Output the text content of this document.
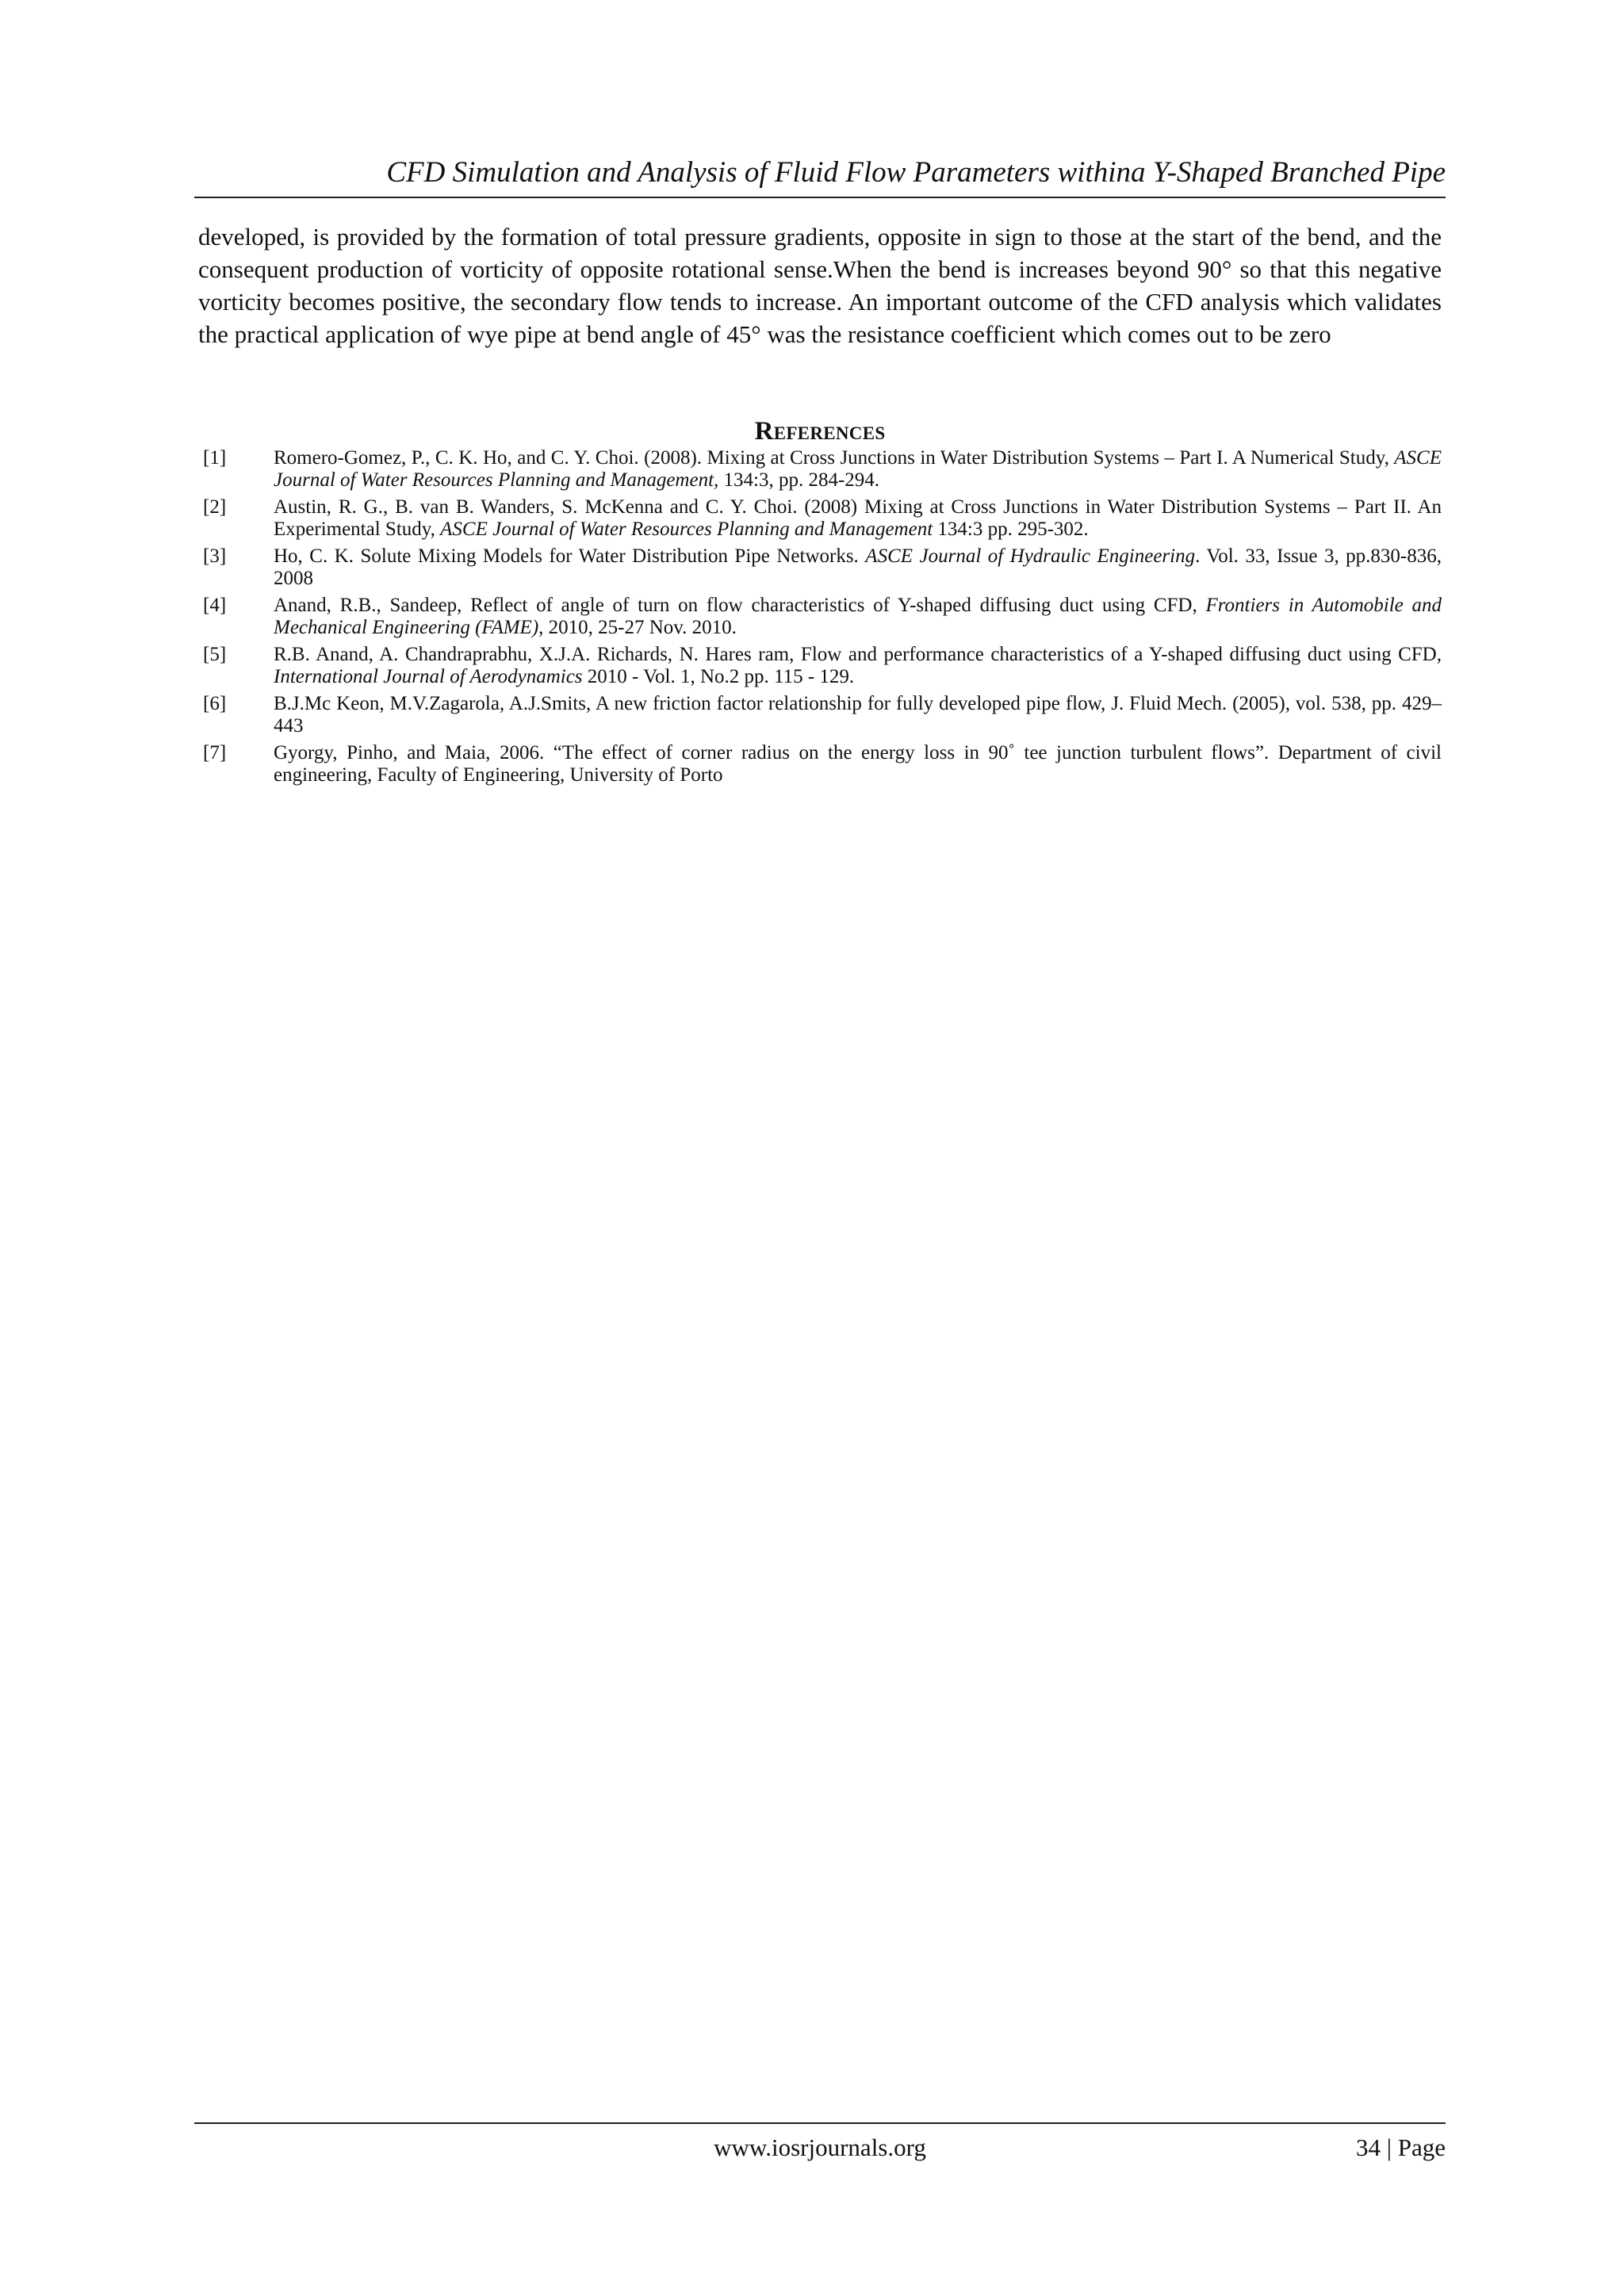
CFD Simulation and Analysis of Fluid Flow Parameters withina Y-Shaped Branched Pipe

developed, is provided by the formation of total pressure gradients, opposite in sign to those at the start of the bend, and the consequent production of vorticity of opposite rotational sense.When the bend is increases beyond 90° so that this negative vorticity becomes positive, the secondary flow tends to increase. An important outcome of the CFD analysis which validates the practical application of wye pipe at bend angle of 45° was the resistance coefficient which comes out to be zero

References
[1]	Romero-Gomez, P., C. K. Ho, and C. Y. Choi. (2008). Mixing at Cross Junctions in Water Distribution Systems – Part I. A Numerical Study, ASCE Journal of Water Resources Planning and Management, 134:3, pp. 284-294.
[2]	Austin, R. G., B. van B. Wanders, S. McKenna and C. Y. Choi. (2008) Mixing at Cross Junctions in Water Distribution Systems – Part II. An Experimental Study, ASCE Journal of Water Resources Planning and Management 134:3 pp. 295-302.
[3]	Ho, C. K. Solute Mixing Models for Water Distribution Pipe Networks. ASCE Journal of Hydraulic Engineering. Vol. 33, Issue 3, pp.830-836, 2008
[4]	Anand, R.B., Sandeep, Reflect of angle of turn on flow characteristics of Y-shaped diffusing duct using CFD, Frontiers in Automobile and Mechanical Engineering (FAME), 2010, 25-27 Nov. 2010.
[5]	R.B. Anand, A. Chandraprabhu, X.J.A. Richards, N. Hares ram, Flow and performance characteristics of a Y-shaped diffusing duct using CFD, International Journal of Aerodynamics 2010 - Vol. 1, No.2 pp. 115 - 129.
[6]	B.J.Mc Keon, M.V.Zagarola, A.J.Smits, A new friction factor relationship for fully developed pipe flow, J. Fluid Mech. (2005), vol. 538, pp. 429–443
[7]	Gyorgy, Pinho, and Maia, 2006. “The effect of corner radius on the energy loss in 90˚ tee junction turbulent flows”. Department of civil engineering, Faculty of Engineering, University of Porto
www.iosrjournals.org	34 | Page
